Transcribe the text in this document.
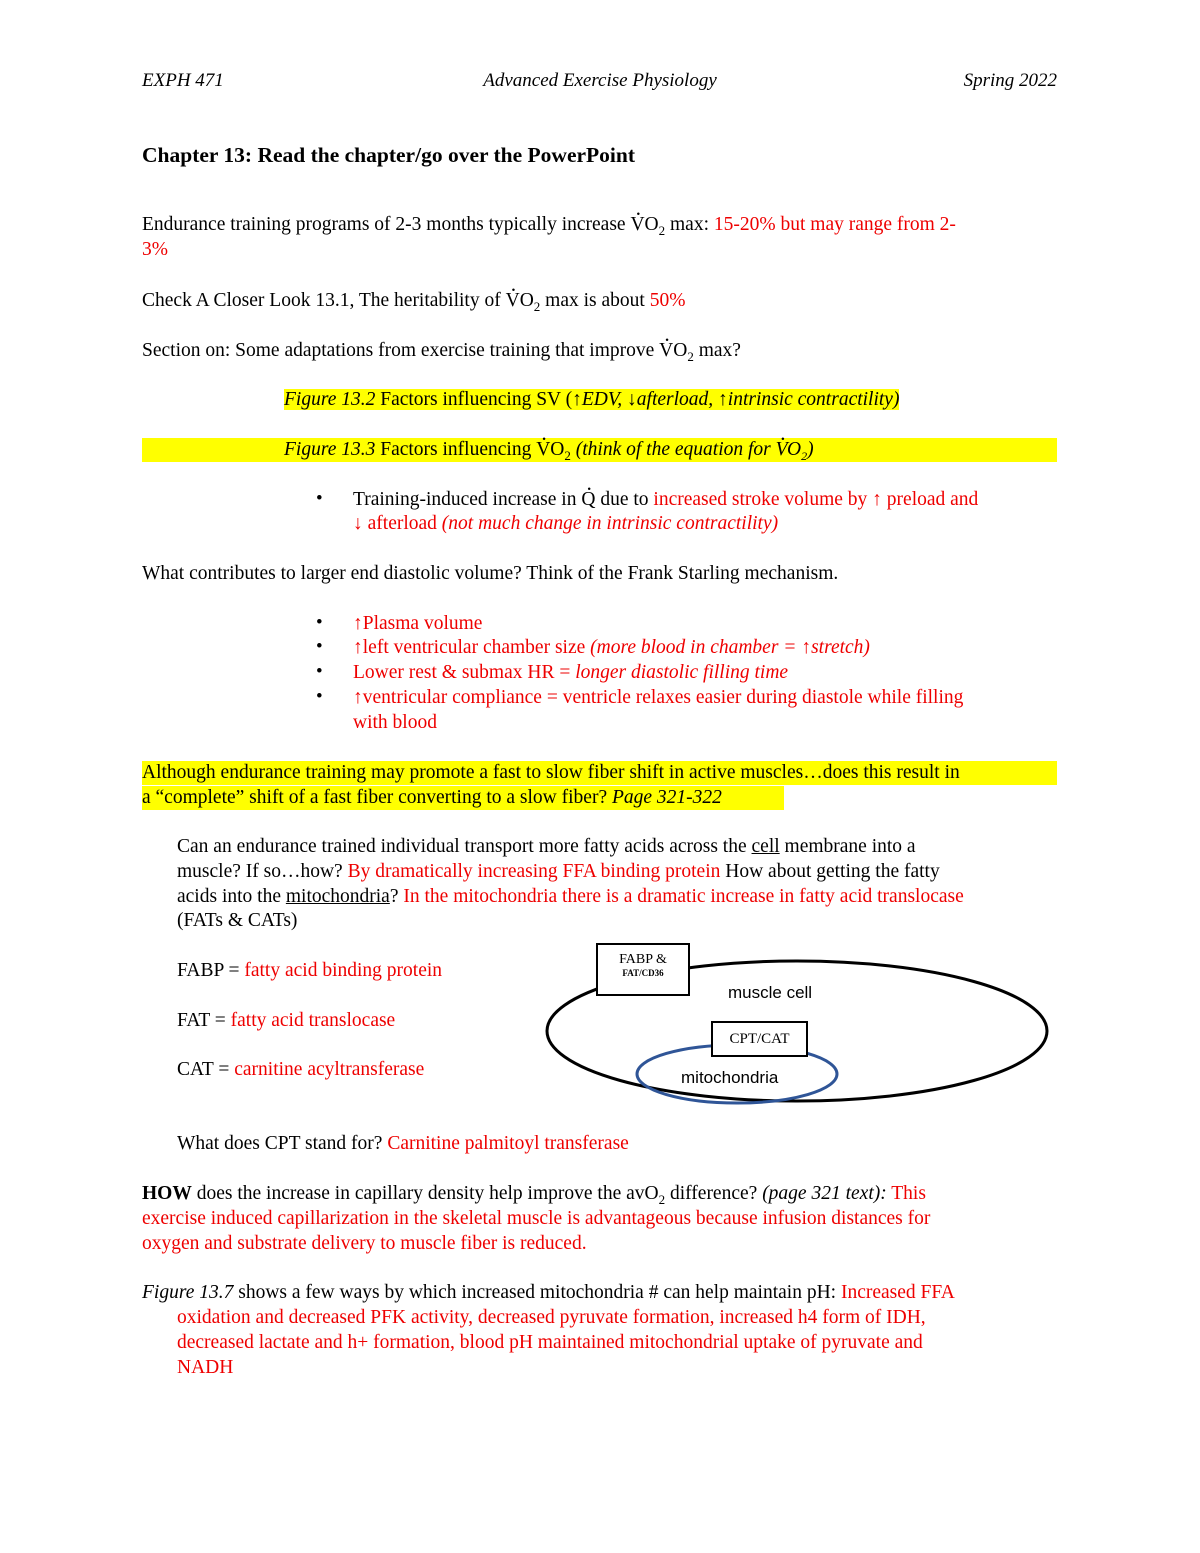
EXPH 471	Advanced Exercise Physiology	Spring 2022
Chapter 13: Read the chapter/go over the PowerPoint
Endurance training programs of 2-3 months typically increase · $VO_2$ max: 15-20% but may range from 2-
3%
Check A Closer Look 13.1, The heritability of · $VO_2$ max is about 50%
Section on: Some adaptations from exercise training that improve · $VO_2$ max?
Figure 13.2 Factors influencing SV (↑EDV, ↓afterload, ↑intrinsic contractility)
Figure 13.3 Factors influencing · $VO_2$ (think of the equation for · $VO_2$)
• Training-induced increase in · Q due to increased stroke volume by ↑ preload and
↓ afterload (not much change in intrinsic contractility)
What contributes to larger end diastolic volume? Think of the Frank Starling mechanism.
• ↑Plasma volume
• ↑left ventricular chamber size (more blood in chamber = ↑stretch)
• Lower rest & submax HR = longer diastolic filling time
• ↑ventricular compliance = ventricle relaxes easier during diastole while filling
with blood
Although endurance training may promote a fast to slow fiber shift in active muscles…does this result in
a “complete” shift of a fast fiber converting to a slow fiber? Page 321-322
Can an endurance trained individual transport more fatty acids across the cell membrane into a
muscle? If so…how? By dramatically increasing FFA binding protein How about getting the fatty
acids into the mitochondria? In the mitochondria there is a dramatic increase in fatty acid translocase
(FATs & CATs)
FABP = fatty acid binding protein
FAT = fatty acid translocase
CAT = carnitine acyltransferase
FABP &
FAT/CD36
muscle cell
CPT/CAT
mitochondria
What does CPT stand for? Carnitine palmitoyl transferase
HOW does the increase in capillary density help improve the avO$_2$ difference? (page 321 text): This
exercise induced capillarization in the skeletal muscle is advantageous because infusion distances for
oxygen and substrate delivery to muscle fiber is reduced.
Figure 13.7 shows a few ways by which increased mitochondria # can help maintain pH: Increased FFA
oxidation and decreased PFK activity, decreased pyruvate formation, increased h4 form of IDH,
decreased lactate and h+ formation, blood pH maintained mitochondrial uptake of pyruvate and
NADH
